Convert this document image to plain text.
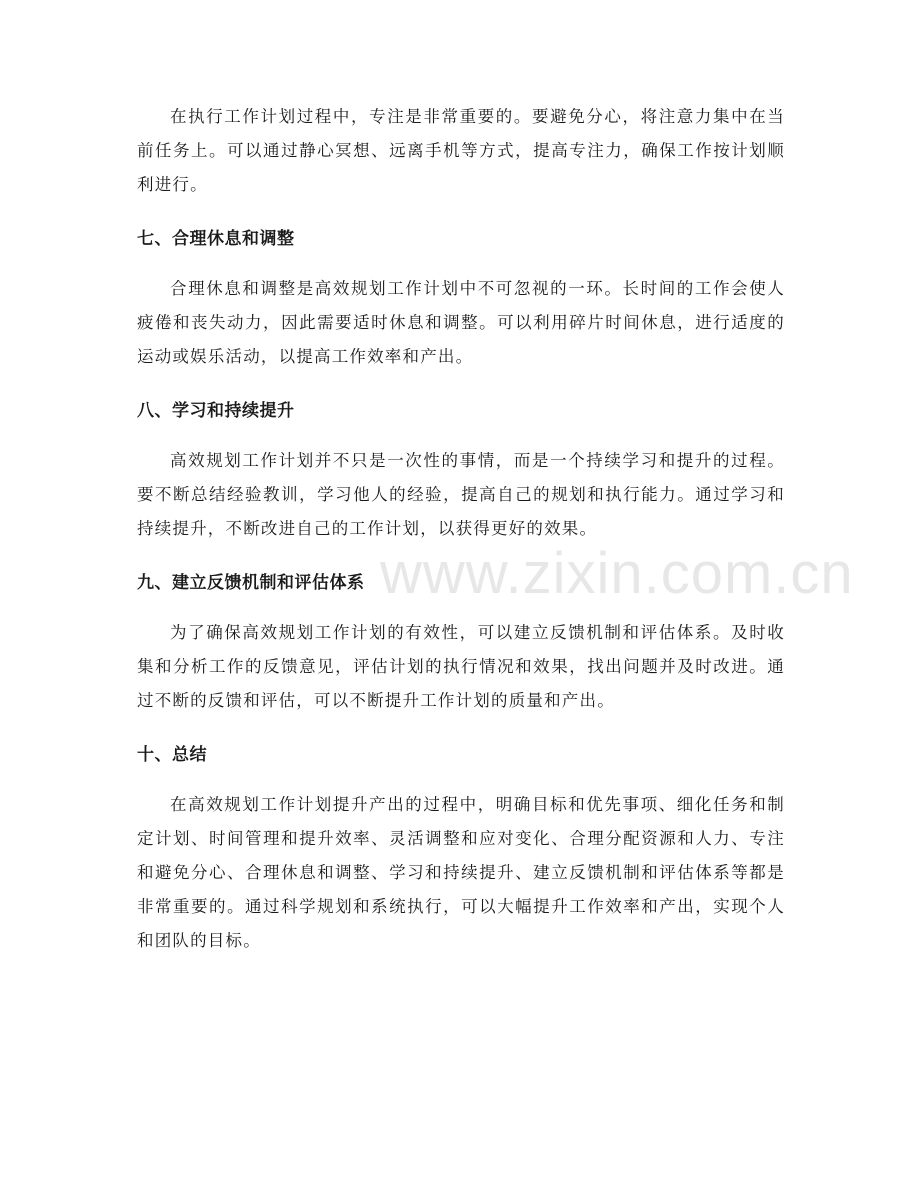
在执行工作计划过程中，专注是非常重要的。要避免分心，将注意力集中在当前任务上。可以通过静心冥想、远离手机等方式，提高专注力，确保工作按计划顺利进行。

七、合理休息和调整

合理休息和调整是高效规划工作计划中不可忽视的一环。长时间的工作会使人疲倦和丧失动力，因此需要适时休息和调整。可以利用碎片时间休息，进行适度的运动或娱乐活动，以提高工作效率和产出。

八、学习和持续提升

高效规划工作计划并不只是一次性的事情，而是一个持续学习和提升的过程。要不断总结经验教训，学习他人的经验，提高自己的规划和执行能力。通过学习和持续提升，不断改进自己的工作计划，以获得更好的效果。

九、建立反馈机制和评估体系

为了确保高效规划工作计划的有效性，可以建立反馈机制和评估体系。及时收集和分析工作的反馈意见，评估计划的执行情况和效果，找出问题并及时改进。通过不断的反馈和评估，可以不断提升工作计划的质量和产出。

十、总结

在高效规划工作计划提升产出的过程中，明确目标和优先事项、细化任务和制定计划、时间管理和提升效率、灵活调整和应对变化、合理分配资源和人力、专注和避免分心、合理休息和调整、学习和持续提升、建立反馈机制和评估体系等都是非常重要的。通过科学规划和系统执行，可以大幅提升工作效率和产出，实现个人和团队的目标。

www.zixin.com.cn
